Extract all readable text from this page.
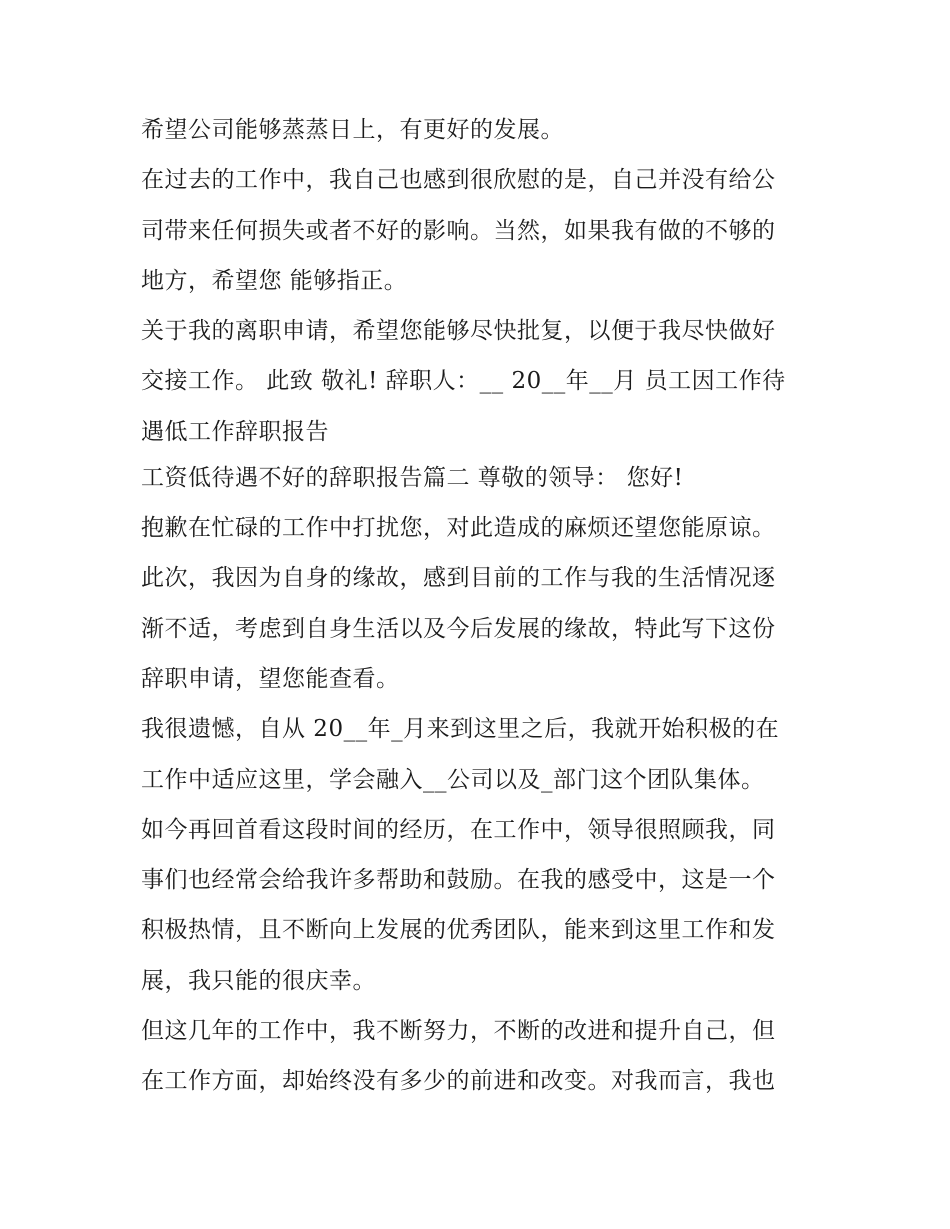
希望公司能够蒸蒸日上，有更好的发展。
在过去的工作中，我自己也感到很欣慰的是，自己并没有给公
司带来任何损失或者不好的影响。当然，如果我有做的不够的
地方，希望您 能够指正。
关于我的离职申请，希望您能够尽快批复，以便于我尽快做好
交接工作。 此致 敬礼! 辞职人：__ 20__年__月 员工因工作待
遇低工作辞职报告
工资低待遇不好的辞职报告篇二 尊敬的领导： 您好!
抱歉在忙碌的工作中打扰您，对此造成的麻烦还望您能原谅。
此次，我因为自身的缘故，感到目前的工作与我的生活情况逐
渐不适，考虑到自身生活以及今后发展的缘故，特此写下这份
辞职申请，望您能查看。
我很遗憾，自从 20__年_月来到这里之后，我就开始积极的在
工作中适应这里，学会融入__公司以及_部门这个团队集体。
如今再回首看这段时间的经历，在工作中，领导很照顾我，同
事们也经常会给我许多帮助和鼓励。在我的感受中，这是一个
积极热情，且不断向上发展的优秀团队，能来到这里工作和发
展，我只能的很庆幸。
但这几年的工作中，我不断努力，不断的改进和提升自己，但
在工作方面，却始终没有多少的前进和改变。对我而言，我也
